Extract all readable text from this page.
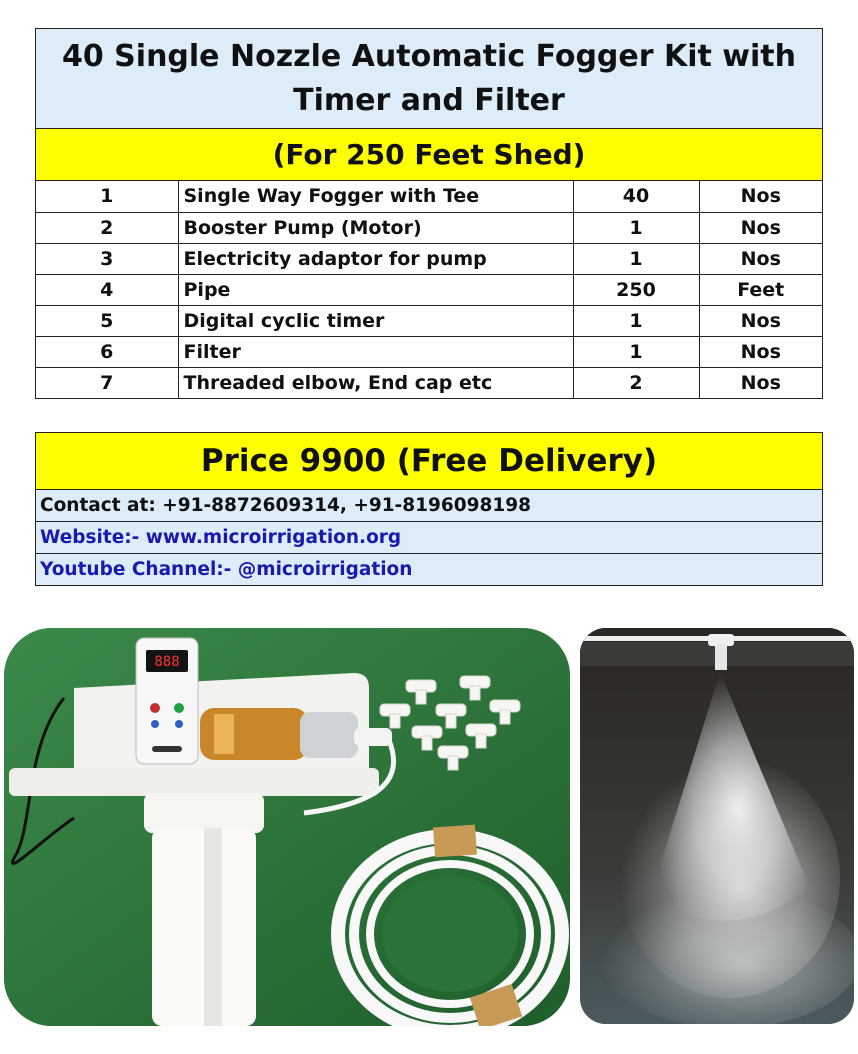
40 Single Nozzle Automatic Fogger Kit with Timer and Filter
(For 250 Feet Shed)
1	Single Way Fogger with Tee	40	Nos
2	Booster Pump (Motor)	1	Nos
3	Electricity adaptor for pump	1	Nos
4	Pipe	250	Feet
5	Digital cyclic timer	1	Nos
6	Filter	1	Nos
7	Threaded elbow, End cap etc	2	Nos
Price 9900 (Free Delivery)
Contact at: +91-8872609314, +91-8196098198
Website:- www.microirrigation.org
Youtube Channel:- @microirrigation
888
